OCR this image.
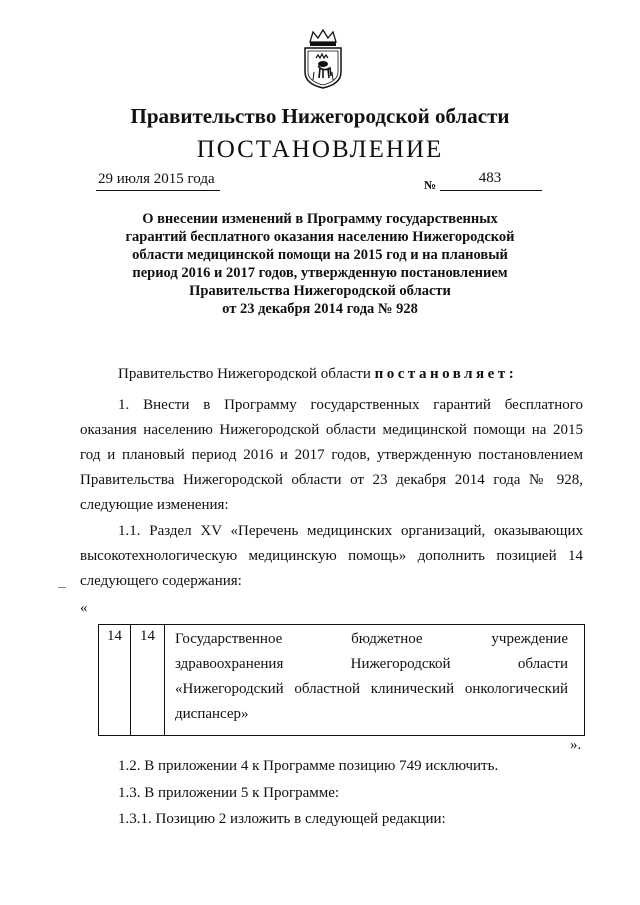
Правительство Нижегородской области
ПОСТАНОВЛЕНИЕ
29 июля 2015 года	№	483
О внесении изменений в Программу государственных
гарантий бесплатного оказания населению Нижегородской
области медицинской помощи на 2015 год и на плановый
период 2016 и 2017 годов, утвержденную постановлением
Правительства Нижегородской области
от 23 декабря 2014 года № 928
Правительство Нижегородской области постановляет:
1. Внести в Программу государственных гарантий бесплатного
оказания населению Нижегородской области медицинской помощи на 2015
год и плановый период 2016 и 2017 годов, утвержденную постановлением
Правительства Нижегородской области от 23 декабря 2014 года № 928,
следующие изменения:
1.1. Раздел XV «Перечень медицинских организаций, оказывающих
высокотехнологическую медицинскую помощь» дополнить позицией 14
следующего содержания:
«
14	14	Государственное бюджетное учреждение
здравоохранения Нижегородской области
«Нижегородский областной клинический онкологический
диспансер»
».
1.2. В приложении 4 к Программе позицию 749 исключить.
1.3. В приложении 5 к Программе:
1.3.1. Позицию 2 изложить в следующей редакции:
